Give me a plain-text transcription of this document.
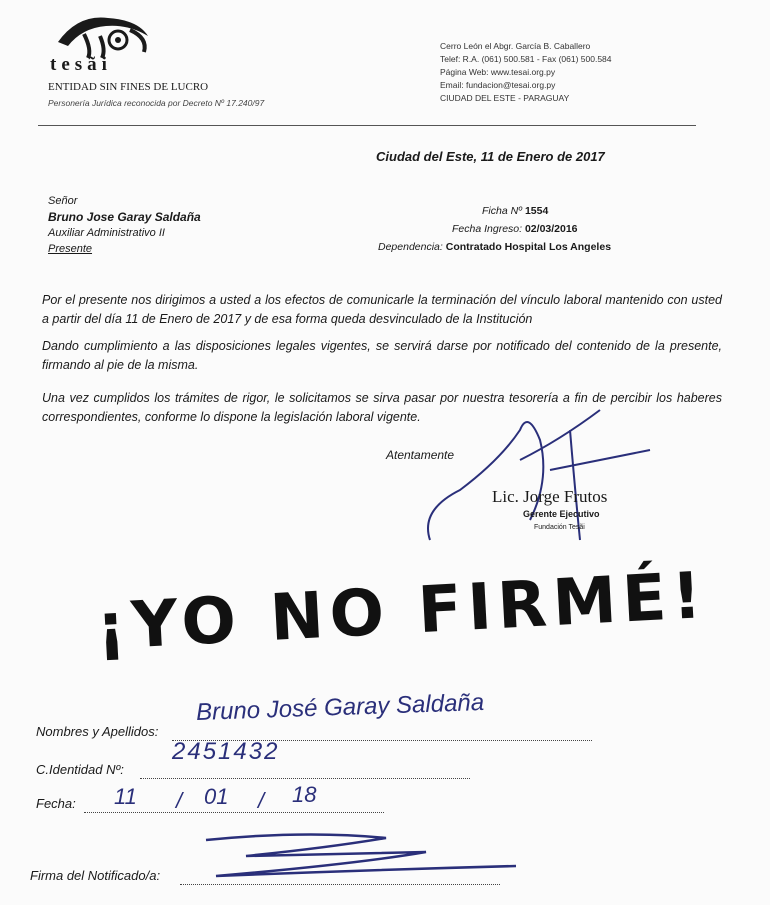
tesãi
ENTIDAD SIN FINES DE LUCRO
Personería Jurídica reconocida por Decreto Nº 17.240/97
Cerro León el Abgr. García B. Caballero
Telef: R.A. (061) 500.581 - Fax (061) 500.584
Página Web: www.tesai.org.py
Email: fundacion@tesai.org.py
CIUDAD DEL ESTE - PARAGUAY
Ciudad del Este, 11 de Enero de 2017
Señor
Bruno Jose Garay Saldaña
Auxiliar Administrativo II
Presente
Ficha Nº 1554
Fecha Ingreso: 02/03/2016
Dependencia: Contratado Hospital Los Angeles
Por el presente nos dirigimos a usted a los efectos de comunicarle la terminación del vínculo laboral mantenido con usted a partir del día 11 de Enero de 2017 y de esa forma queda desvinculado de la Institución
Dando cumplimiento a las disposiciones legales vigentes, se servirá darse por notificado del contenido de la presente, firmando al pie de la misma.
Una vez cumplidos los trámites de rigor, le solicitamos se sirva pasar por nuestra tesorería a fin de percibir los haberes correspondientes, conforme lo dispone la legislación laboral vigente.
Atentamente
Lic. Jorge Frutos
Gerente Ejecutivo
Fundación Tesãi
¡YO NO FIRMÉ!
Nombres y Apellidos:
Bruno José Garay Saldaña
C.Identidad Nº:
2451432
Fecha: 11 / 01 / 18
Firma del Notificado/a:
